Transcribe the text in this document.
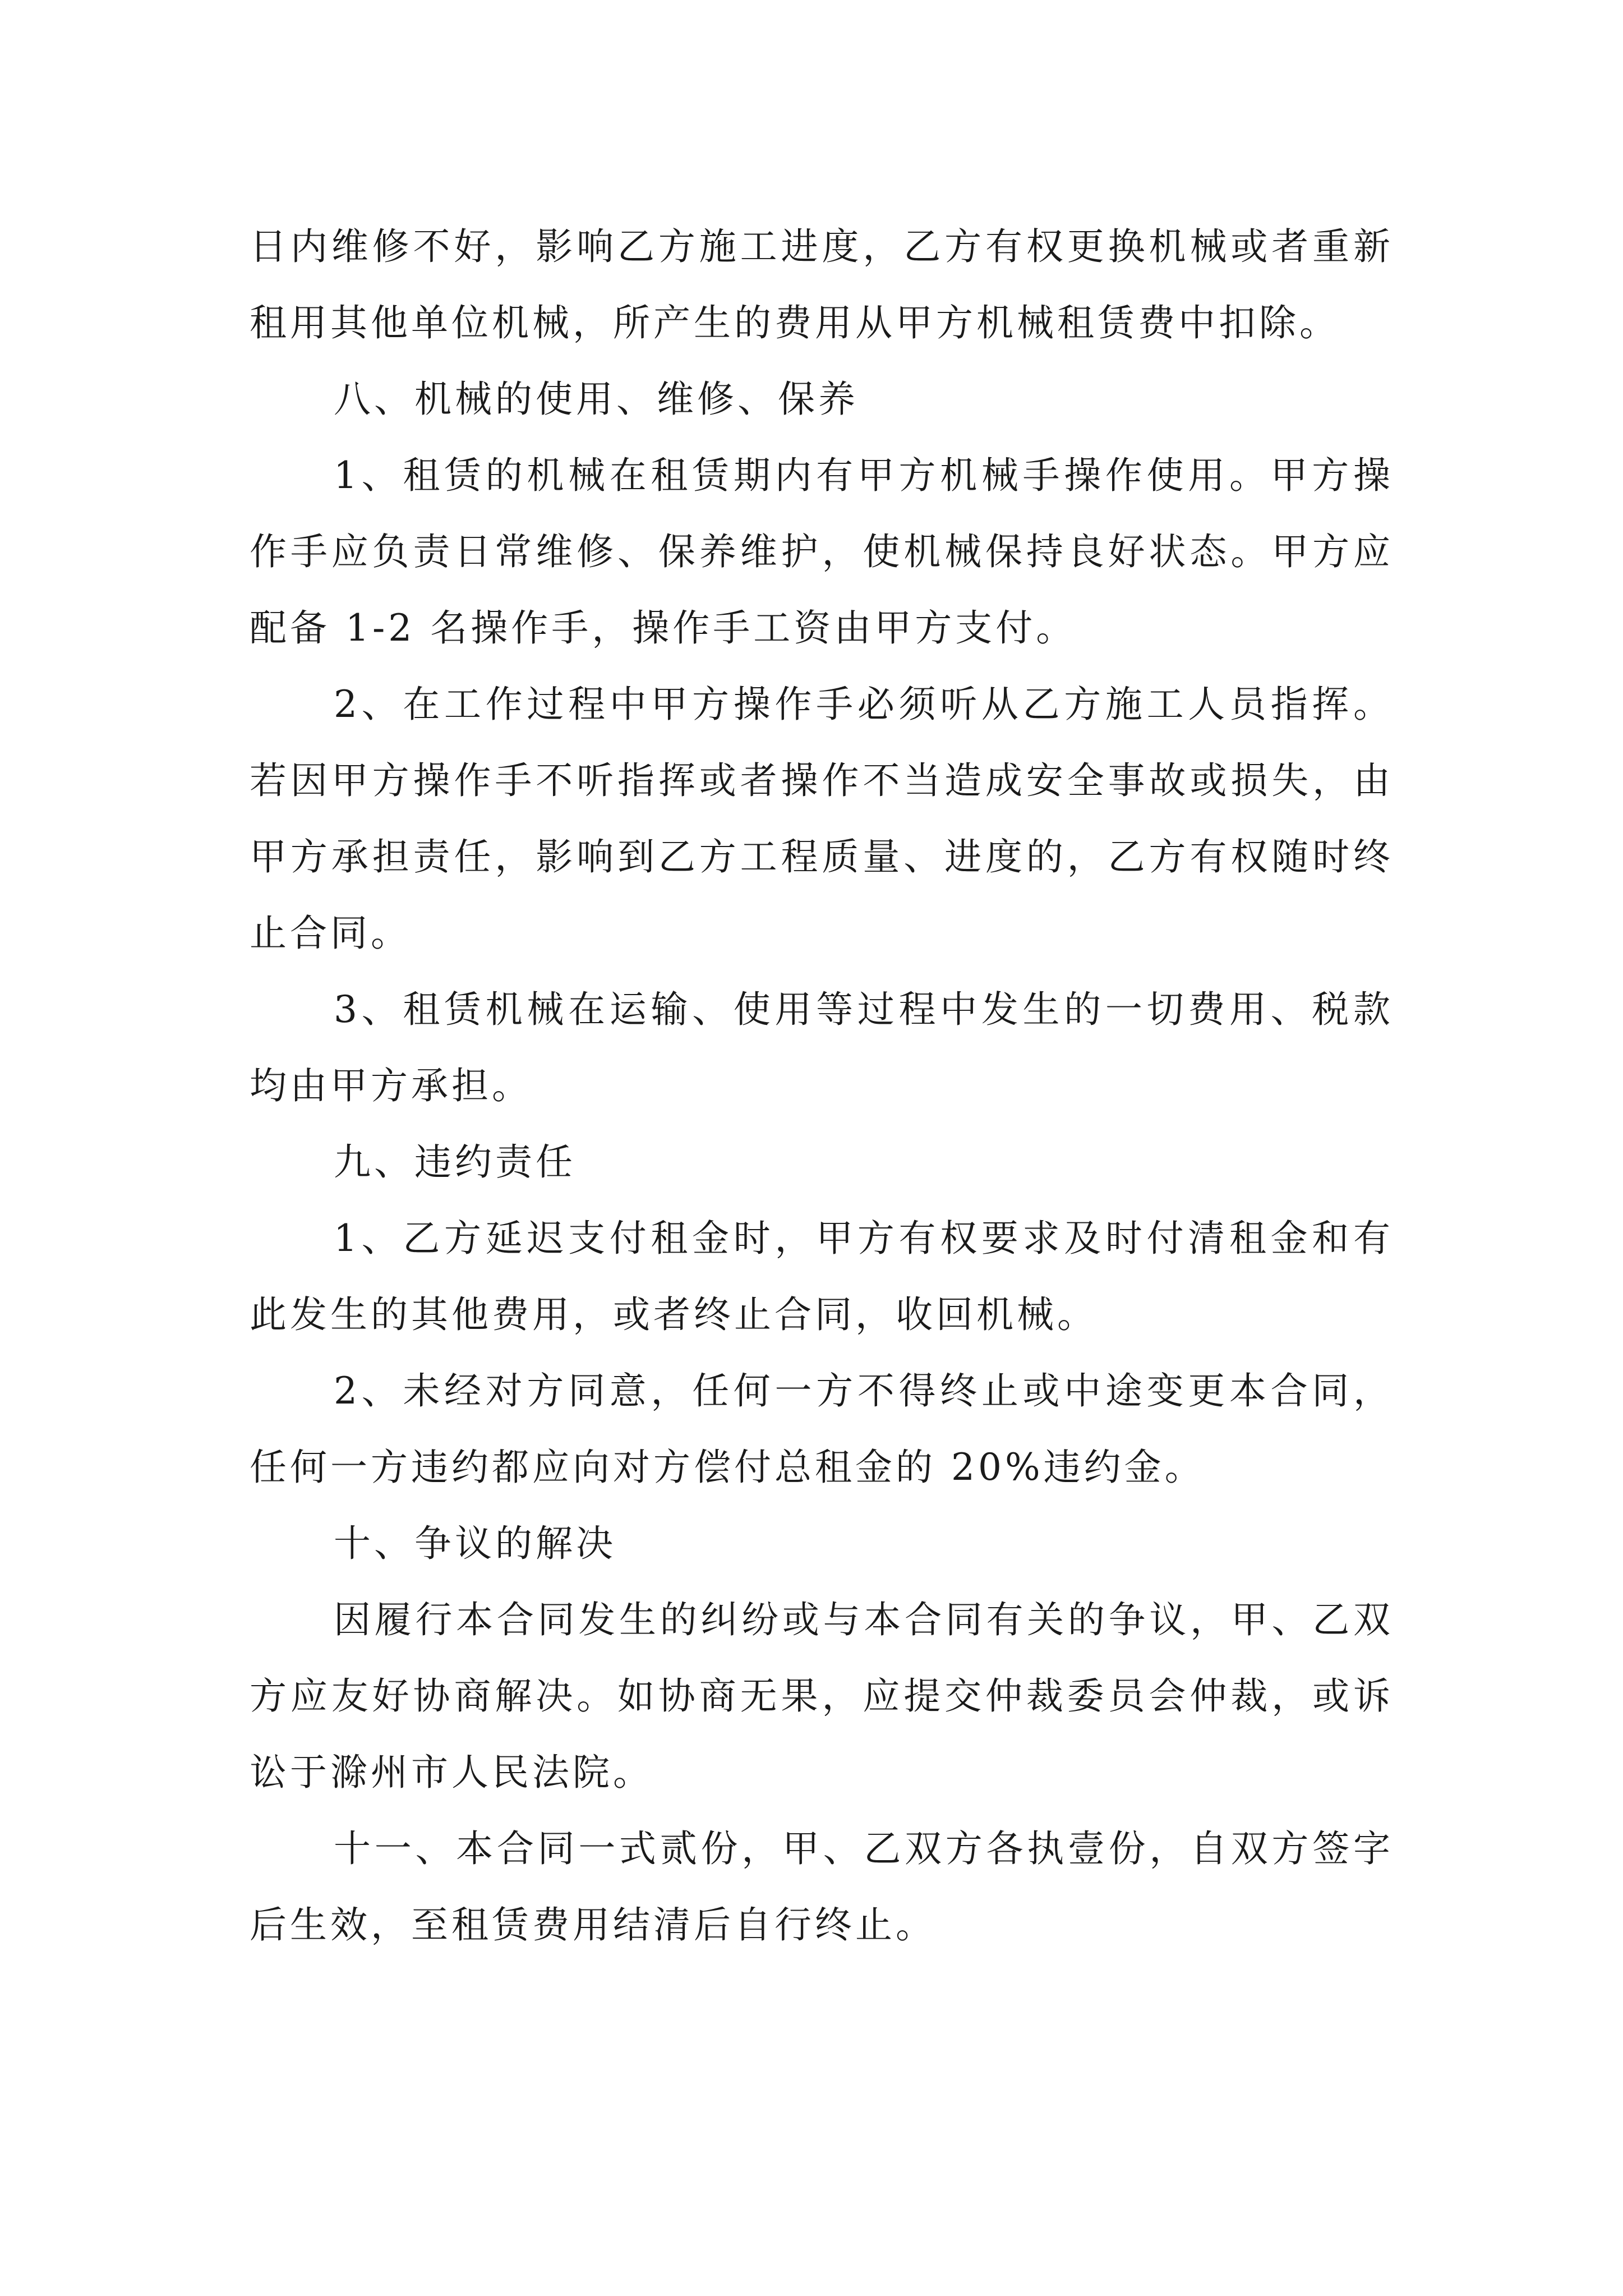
日内维修不好，影响乙方施工进度，乙方有权更换机械或者重新租用其他单位机械，所产生的费用从甲方机械租赁费中扣除。

八、机械的使用、维修、保养

1、租赁的机械在租赁期内有甲方机械手操作使用。甲方操作手应负责日常维修、保养维护，使机械保持良好状态。甲方应配备 1-2 名操作手，操作手工资由甲方支付。

2、在工作过程中甲方操作手必须听从乙方施工人员指挥。若因甲方操作手不听指挥或者操作不当造成安全事故或损失，由甲方承担责任，影响到乙方工程质量、进度的，乙方有权随时终止合同。

3、租赁机械在运输、使用等过程中发生的一切费用、税款均由甲方承担。

九、违约责任

1、乙方延迟支付租金时，甲方有权要求及时付清租金和有此发生的其他费用，或者终止合同，收回机械。

2、未经对方同意，任何一方不得终止或中途变更本合同，任何一方违约都应向对方偿付总租金的 20%违约金。

十、争议的解决

因履行本合同发生的纠纷或与本合同有关的争议，甲、乙双方应友好协商解决。如协商无果，应提交仲裁委员会仲裁，或诉讼于滁州市人民法院。

十一、本合同一式贰份，甲、乙双方各执壹份，自双方签字后生效，至租赁费用结清后自行终止。
